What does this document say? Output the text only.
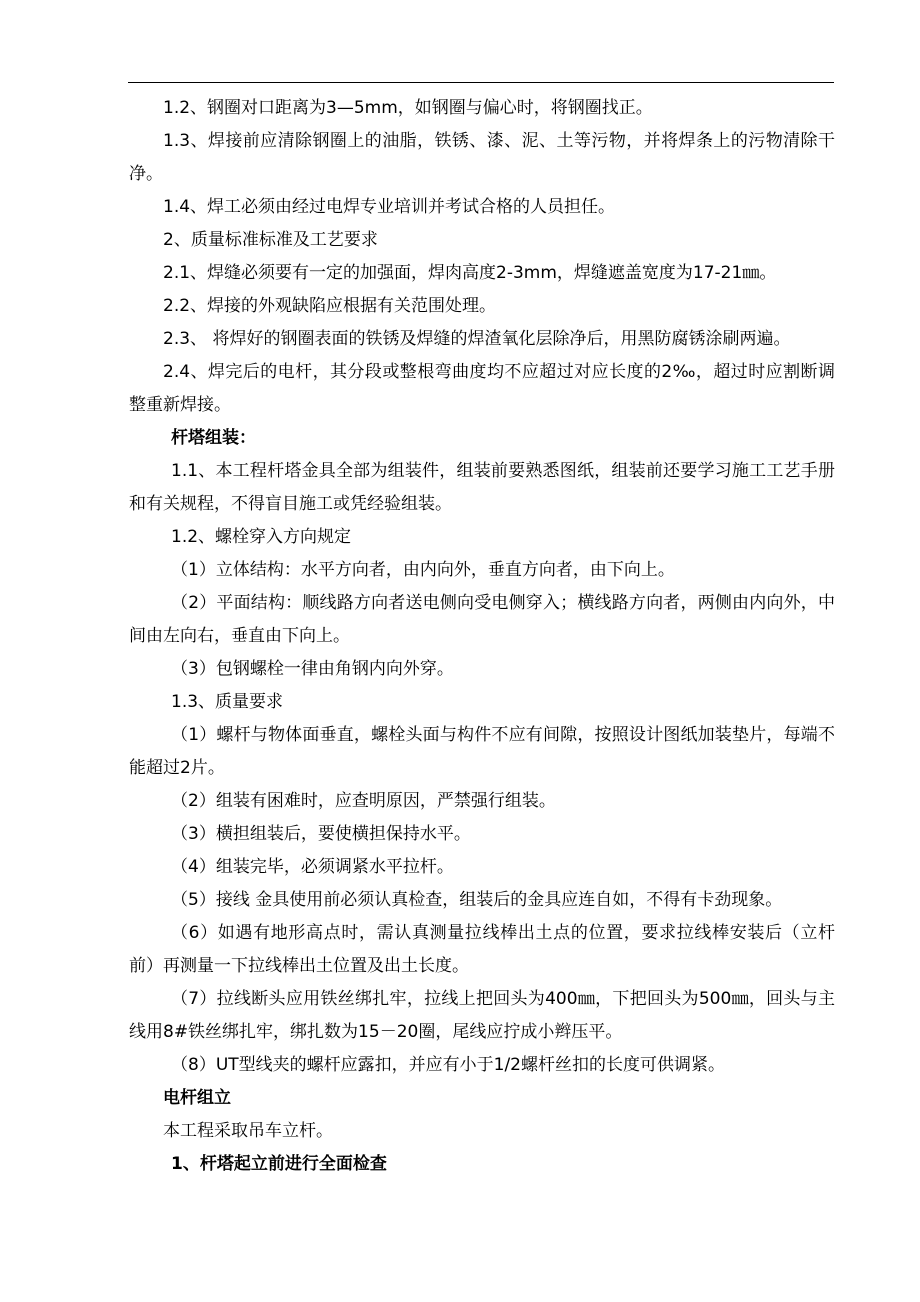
1.2、钢圈对口距离为3—5mm，如钢圈与偏心时，将钢圈找正。

1.3、焊接前应清除钢圈上的油脂，铁锈、漆、泥、土等污物，并将焊条上的污物清除干净。

1.4、焊工必须由经过电焊专业培训并考试合格的人员担任。

2、质量标准标准及工艺要求

2.1、焊缝必须要有一定的加强面，焊肉高度2-3mm，焊缝遮盖宽度为17-21㎜。

2.2、焊接的外观缺陷应根据有关范围处理。

2.3、 将焊好的钢圈表面的铁锈及焊缝的焊渣氧化层除净后，用黑防腐锈涂刷两遍。

2.4、焊完后的电杆，其分段或整根弯曲度均不应超过对应长度的2‰，超过时应割断调整重新焊接。

杆塔组装：

1.1、本工程杆塔金具全部为组装件，组装前要熟悉图纸，组装前还要学习施工工艺手册和有关规程，不得盲目施工或凭经验组装。

1.2、螺栓穿入方向规定

（1）立体结构：水平方向者，由内向外，垂直方向者，由下向上。

（2）平面结构：顺线路方向者送电侧向受电侧穿入；横线路方向者，两侧由内向外，中间由左向右，垂直由下向上。

（3）包钢螺栓一律由角钢内向外穿。

1.3、质量要求

（1）螺杆与物体面垂直，螺栓头面与构件不应有间隙，按照设计图纸加装垫片，每端不能超过2片。

（2）组装有困难时，应查明原因，严禁强行组装。

（3）横担组装后，要使横担保持水平。

（4）组装完毕，必须调紧水平拉杆。

（5）接线 金具使用前必须认真检查，组装后的金具应连自如，不得有卡劲现象。

（6）如遇有地形高点时，需认真测量拉线棒出土点的位置，要求拉线棒安装后（立杆前）再测量一下拉线棒出土位置及出土长度。

（7）拉线断头应用铁丝绑扎牢，拉线上把回头为400㎜，下把回头为500㎜，回头与主线用8#铁丝绑扎牢，绑扎数为15－20圈，尾线应拧成小辫压平。

（8）UT型线夹的螺杆应露扣，并应有小于1/2螺杆丝扣的长度可供调紧。

电杆组立

本工程采取吊车立杆。

1、杆塔起立前进行全面检查
